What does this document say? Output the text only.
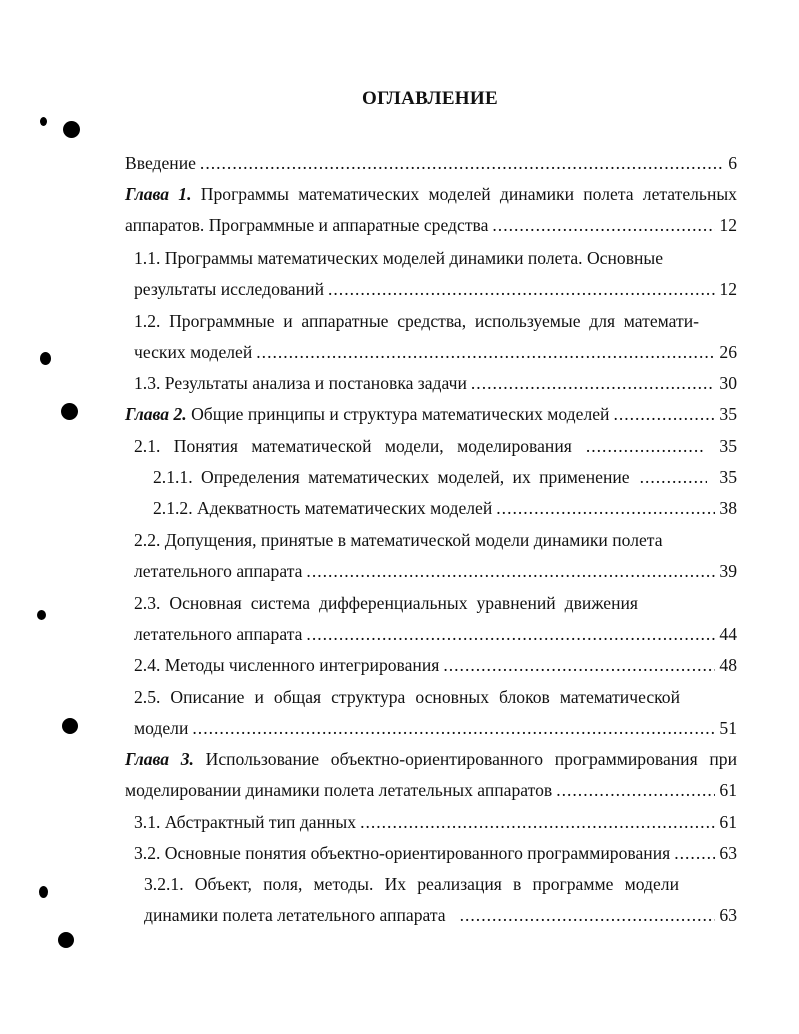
ОГЛАВЛЕНИЕ
Введение .....	6
Глава 1. Программы математических моделей динамики полета летательных
аппаратов. Программные и аппаратные средства .....	12
1.1. Программы математических моделей динамики полета. Основные
результаты исследований .....	12
1.2. Программные и аппаратные средства, используемые для математи-
ческих моделей .....	26
1.3. Результаты анализа и постановка задачи .....	30
Глава 2. Общие принципы и структура математических моделей .....	35
2.1. Понятия математической модели, моделирования .....	35
2.1.1. Определения математических моделей, их применение .....	35
2.1.2. Адекватность математических моделей .....	38
2.2. Допущения, принятые в математической модели динамики полета
летательного аппарата .....	39
2.3. Основная система дифференциальных уравнений движения
летательного аппарата .....	44
2.4. Методы численного интегрирования .....	48
2.5. Описание и общая структура основных блоков математической
модели .....	51
Глава 3. Использование объектно-ориентированного программирования при
моделировании динамики полета летательных аппаратов .....	61
3.1. Абстрактный тип данных .....	61
3.2. Основные понятия объектно-ориентированного программирования .....	63
3.2.1. Объект, поля, методы. Их реализация в программе модели
динамики полета летательного аппарата .....	63
